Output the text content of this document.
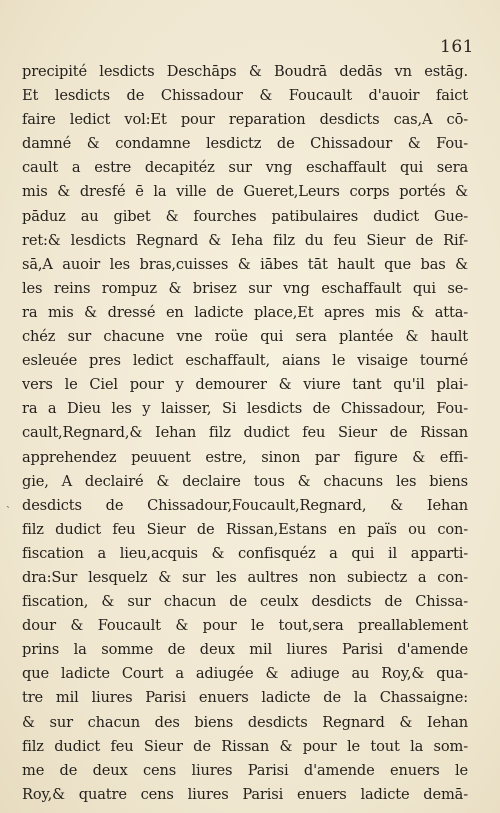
161
˴
precipité lesdicts Deschāps & Boudrā dedās vn estāg.
Et lesdicts de Chissadour & Foucault d'auoir faict
faire ledict vol:Et pour reparation desdicts cas,A cō-
damné & condamne lesdictz de Chissadour & Fou-
cault a estre decapitéz sur vng eschaffault qui sera
mis & dresfé ē la ville de Gueret,Leurs corps portés &
pāduz au gibet & fourches patibulaires dudict Gue-
ret:& lesdicts Regnard & Ieha filz du feu Sieur de Rif-
sā,A auoir les bras,cuisses & iābes tāt hault que bas &
les reins rompuz & brisez sur vng eschaffault qui se-
ra mis & dressé en ladicte place,Et apres mis & atta-
chéz sur chacune vne roüe qui sera plantée & hault
esleuée pres ledict eschaffault, aians le visaige tourné
vers le Ciel pour y demourer & viure tant qu'il plai-
ra a Dieu les y laisser, Si lesdicts de Chissadour, Fou-
cault,Regnard,& Iehan filz dudict feu Sieur de Rissan
apprehendez peuuent estre, sinon par figure & effi-
gie, A declairé & declaire tous & chacuns les biens
desdicts de Chissadour,Foucault,Regnard, & Iehan
filz dudict feu Sieur de Rissan,Estans en païs ou con-
fiscation a lieu,acquis & confisquéz a qui il apparti-
dra:Sur lesquelz & sur les aultres non subiectz a con-
fiscation, & sur chacun de ceulx desdicts de Chissa-
dour & Foucault & pour le tout,sera preallablement
prins la somme de deux mil liures Parisi d'amende
que ladicte Court a adiugée & adiuge au Roy,& qua-
tre mil liures Parisi enuers ladicte de la Chassaigne:
& sur chacun des biens desdicts Regnard & Iehan
filz dudict feu Sieur de Rissan & pour le tout la som-
me de deux cens liures Parisi d'amende enuers le
Roy,& quatre cens liures Parisi enuers ladicte demā-
